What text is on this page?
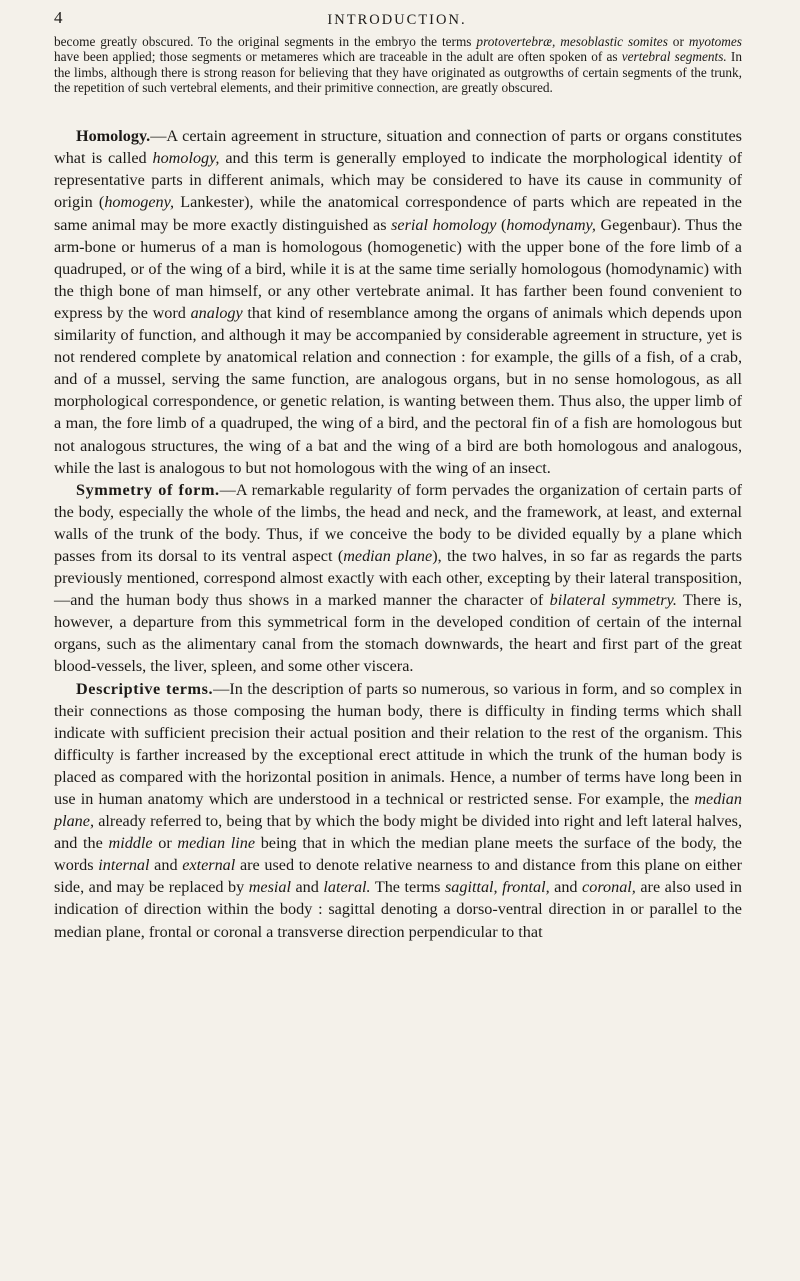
4	INTRODUCTION.

become greatly obscured. To the original segments in the embryo the terms protovertebræ, mesoblastic somites or myotomes have been applied; those segments or metameres which are traceable in the adult are often spoken of as vertebral segments. In the limbs, although there is strong reason for believing that they have originated as outgrowths of certain segments of the trunk, the repetition of such vertebral elements, and their primitive connection, are greatly obscured.

Homology.—A certain agreement in structure, situation and connection of parts or organs constitutes what is called homology, and this term is generally employed to indicate the morphological identity of representative parts in different animals, which may be considered to have its cause in community of origin (homogeny, Lankester), while the anatomical correspondence of parts which are repeated in the same animal may be more exactly distinguished as serial homology (homodynamy, Gegenbaur). Thus the arm-bone or humerus of a man is homologous (homogenetic) with the upper bone of the fore limb of a quadruped, or of the wing of a bird, while it is at the same time serially homologous (homodynamic) with the thigh bone of man himself, or any other vertebrate animal. It has farther been found convenient to express by the word analogy that kind of resemblance among the organs of animals which depends upon similarity of function, and although it may be accompanied by considerable agreement in structure, yet is not rendered complete by anatomical relation and connection : for example, the gills of a fish, of a crab, and of a mussel, serving the same function, are analogous organs, but in no sense homologous, as all morphological correspondence, or genetic relation, is wanting between them. Thus also, the upper limb of a man, the fore limb of a quadruped, the wing of a bird, and the pectoral fin of a fish are homologous but not analogous structures, the wing of a bat and the wing of a bird are both homologous and analogous, while the last is analogous to but not homologous with the wing of an insect.

Symmetry of form.—A remarkable regularity of form pervades the organization of certain parts of the body, especially the whole of the limbs, the head and neck, and the framework, at least, and external walls of the trunk of the body. Thus, if we conceive the body to be divided equally by a plane which passes from its dorsal to its ventral aspect (median plane), the two halves, in so far as regards the parts previously mentioned, correspond almost exactly with each other, excepting by their lateral transposition,—and the human body thus shows in a marked manner the character of bilateral symmetry. There is, however, a departure from this symmetrical form in the developed condition of certain of the internal organs, such as the alimentary canal from the stomach downwards, the heart and first part of the great blood-vessels, the liver, spleen, and some other viscera.

Descriptive terms.—In the description of parts so numerous, so various in form, and so complex in their connections as those composing the human body, there is difficulty in finding terms which shall indicate with sufficient precision their actual position and their relation to the rest of the organism. This difficulty is farther increased by the exceptional erect attitude in which the trunk of the human body is placed as compared with the horizontal position in animals. Hence, a number of terms have long been in use in human anatomy which are understood in a technical or restricted sense. For example, the median plane, already referred to, being that by which the body might be divided into right and left lateral halves, and the middle or median line being that in which the median plane meets the surface of the body, the words internal and external are used to denote relative nearness to and distance from this plane on either side, and may be replaced by mesial and lateral. The terms sagittal, frontal, and coronal, are also used in indication of direction within the body : sagittal denoting a dorso-ventral direction in or parallel to the median plane, frontal or coronal a transverse direction perpendicular to that
